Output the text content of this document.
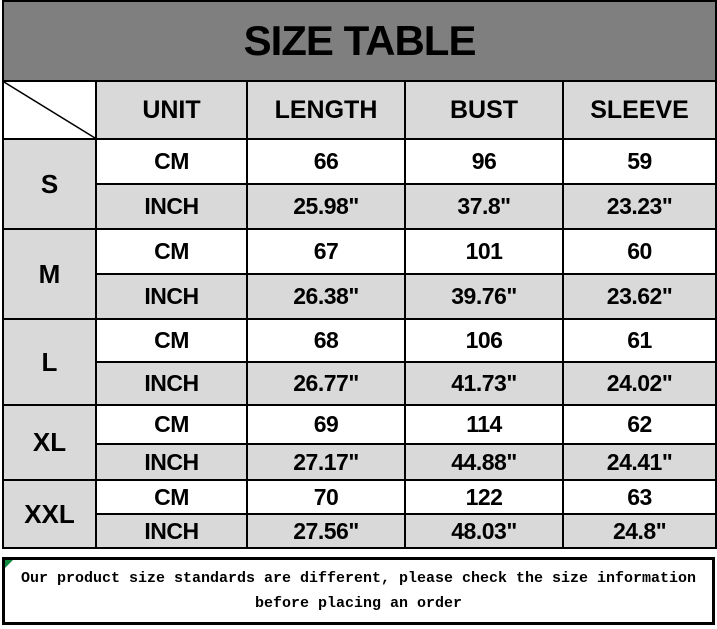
SIZE TABLE				

	UNIT	LENGTH	BUST	SLEEVE
S	CM	66	96	59
	INCH	25.98"	37.8"	23.23"
M	CM	67	101	60
	INCH	26.38"	39.76"	23.62"
L	CM	68	106	61
	INCH	26.77"	41.73"	24.02"
XL	CM	69	114	62
	INCH	27.17"	44.88"	24.41"
XXL	CM	70	122	63
	INCH	27.56"	48.03"	24.8"
Our product size standards are different, please check the size information
before placing an order
